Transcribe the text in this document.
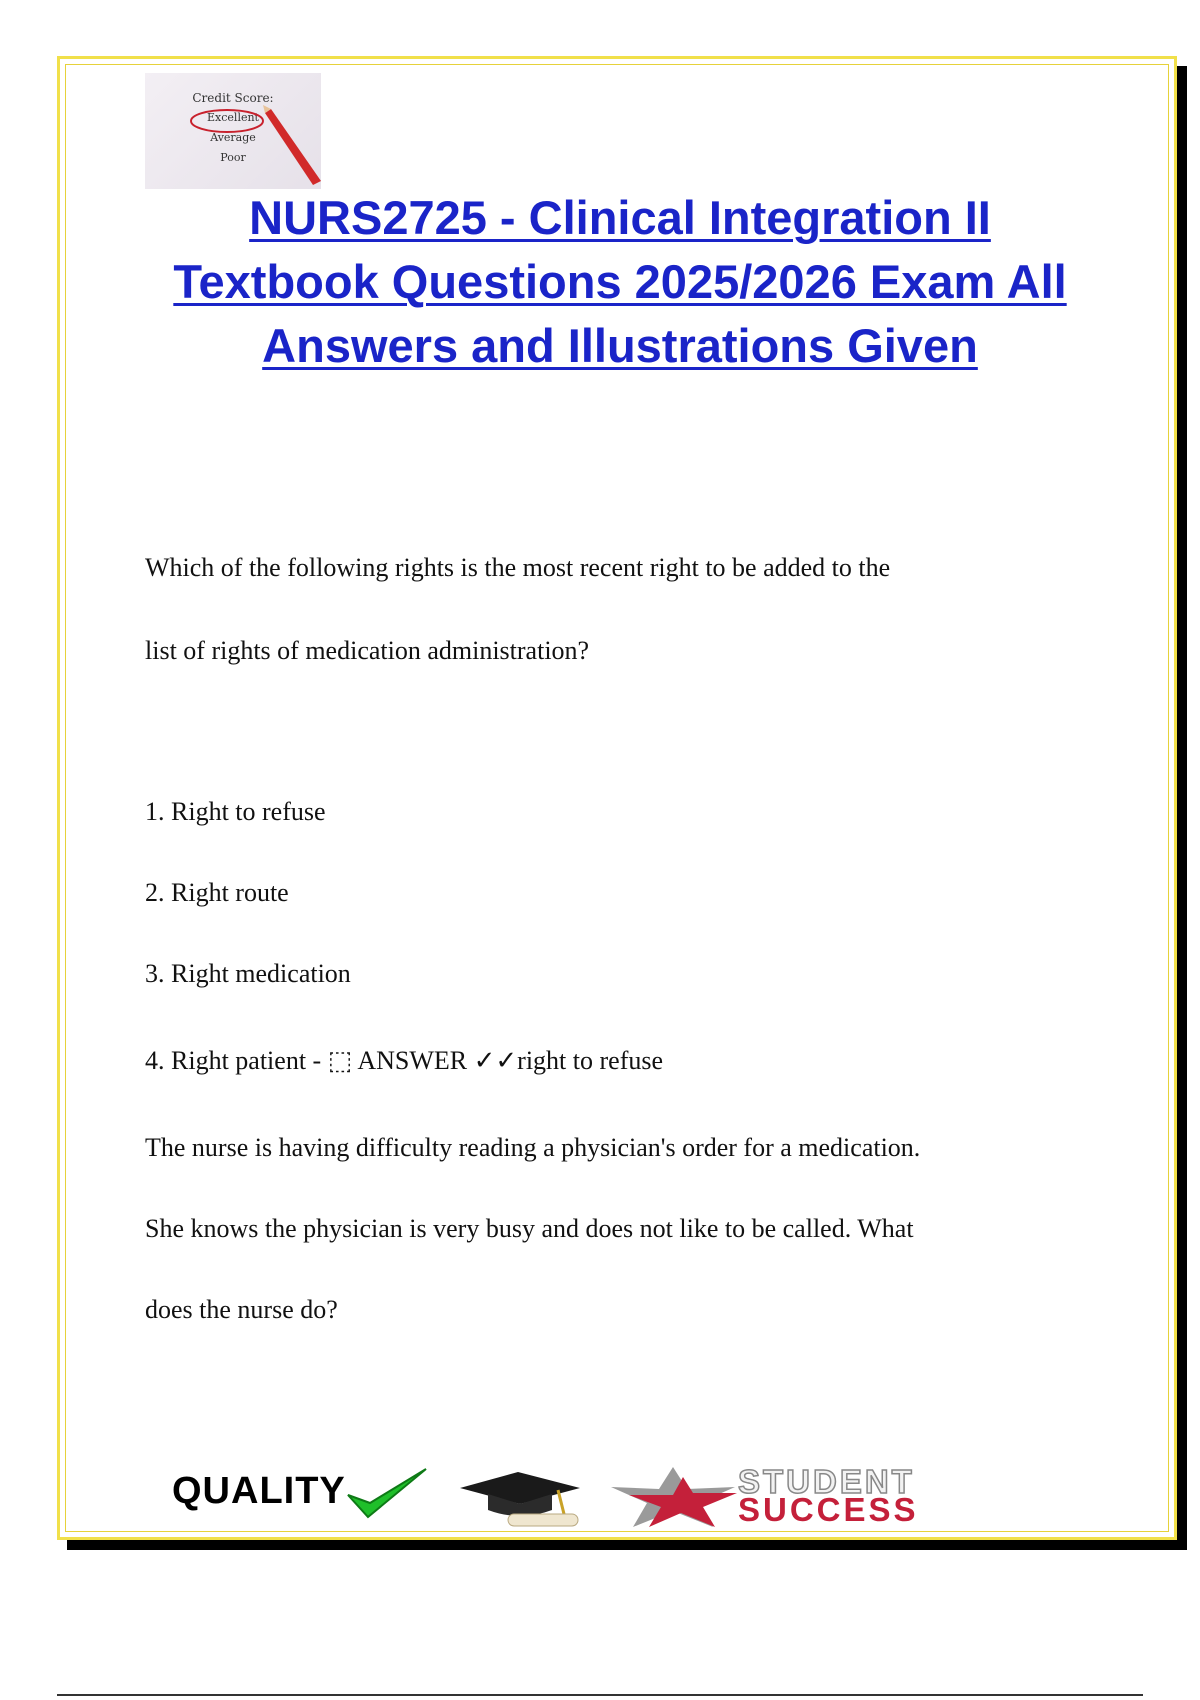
Credit Score:
Excellent
Average
Poor
NURS2725 - Clinical Integration II
Textbook Questions 2025/2026 Exam All
Answers and Illustrations Given

Which of the following rights is the most recent right to be added to the

list of rights of medication administration?

1. Right to refuse

2. Right route

3. Right medication

4. Right patient - ⬚ ANSWER ✓✓right to refuse

The nurse is having difficulty reading a physician's order for a medication.

She knows the physician is very busy and does not like to be called. What

does the nurse do?

QUALITY	STUDENT
SUCCESS
